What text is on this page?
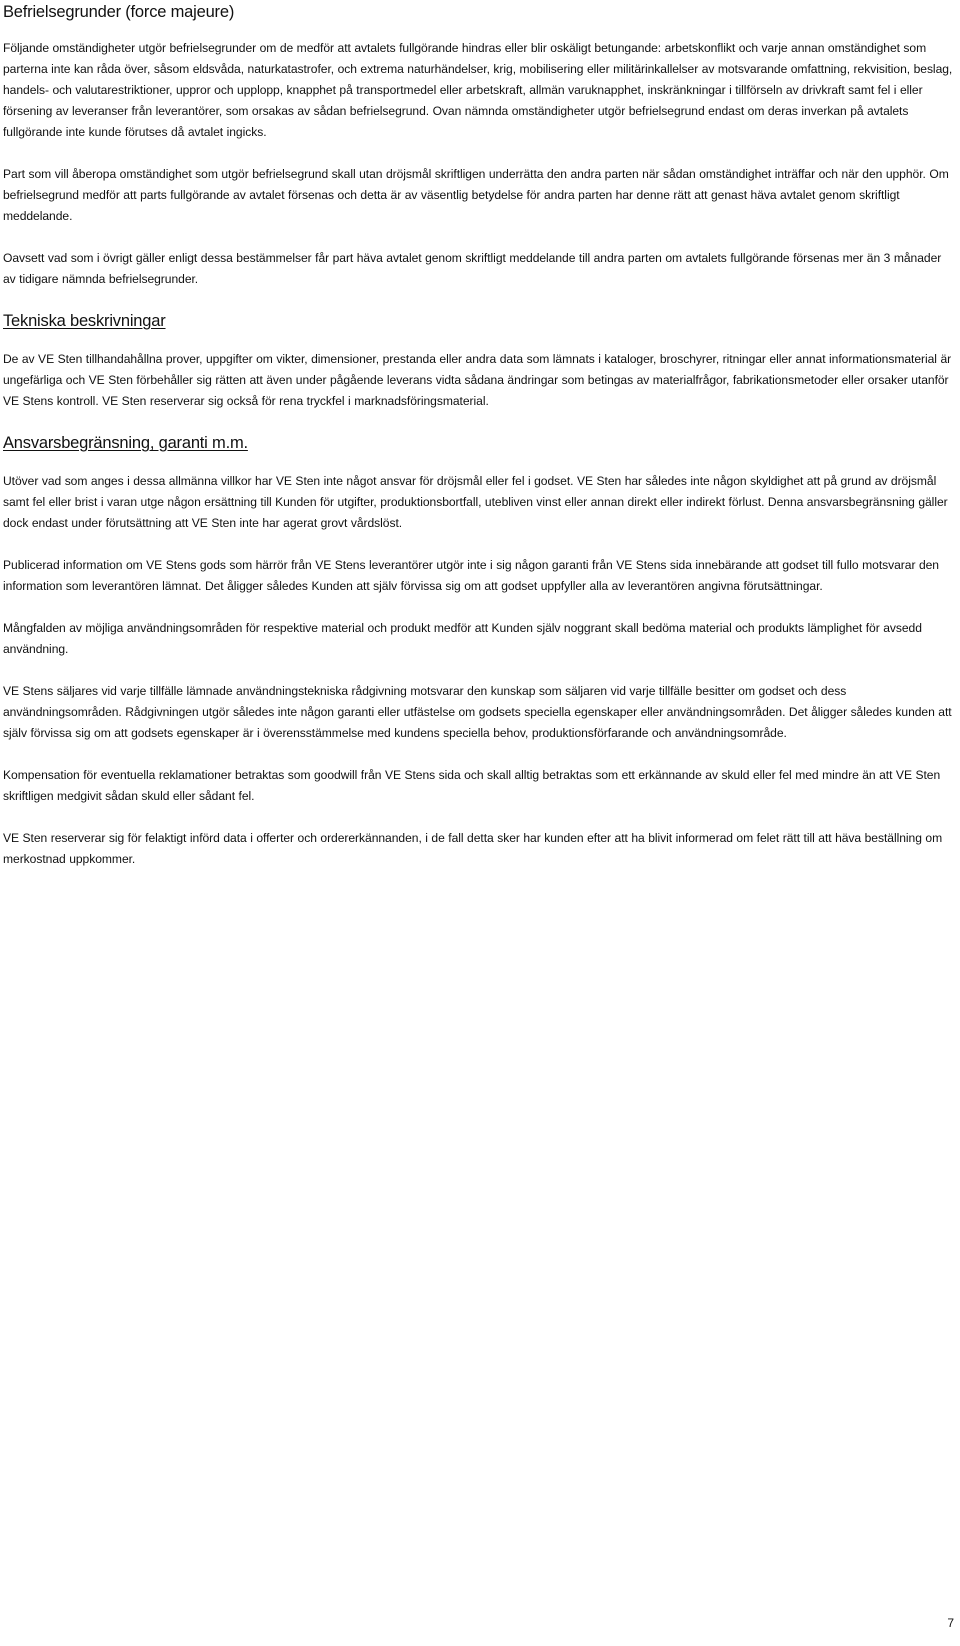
Befrielsegrunder (force majeure)

Följande omständigheter utgör befrielsegrunder om de medför att avtalets fullgörande hindras eller blir oskäligt betungande: arbetskonflikt och varje annan omständighet som parterna inte kan råda över, såsom eldsvåda, naturkatastrofer, och extrema naturhändelser, krig, mobilisering eller militärinkallelser av motsvarande omfattning, rekvisition, beslag, handels- och valutarestriktioner, uppror och upplopp, knapphet på transportmedel eller arbetskraft, allmän varuknapphet, inskränkningar i tillförseln av drivkraft samt fel i eller försening av leveranser från leverantörer, som orsakas av sådan befrielsegrund. Ovan nämnda omständigheter utgör befrielsegrund endast om deras inverkan på avtalets fullgörande inte kunde förutses då avtalet ingicks.

Part som vill åberopa omständighet som utgör befrielsegrund skall utan dröjsmål skriftligen underrätta den andra parten när sådan omständighet inträffar och när den upphör. Om befrielsegrund medför att parts fullgörande av avtalet försenas och detta är av väsentlig betydelse för andra parten har denne rätt att genast häva avtalet genom skriftligt meddelande.

Oavsett vad som i övrigt gäller enligt dessa bestämmelser får part häva avtalet genom skriftligt meddelande till andra parten om avtalets fullgörande försenas mer än 3 månader av tidigare nämnda befrielsegrunder.

Tekniska beskrivningar

De av VE Sten tillhandahållna prover, uppgifter om vikter, dimensioner, prestanda eller andra data som lämnats i kataloger, broschyrer, ritningar eller annat informationsmaterial är ungefärliga och VE Sten förbehåller sig rätten att även under pågående leverans vidta sådana ändringar som betingas av materialfrågor, fabrikationsmetoder eller orsaker utanför VE Stens kontroll. VE Sten reserverar sig också för rena tryckfel i marknadsföringsmaterial.

Ansvarsbegränsning, garanti m.m.

Utöver vad som anges i dessa allmänna villkor har VE Sten inte något ansvar för dröjsmål eller fel i godset. VE Sten har således inte någon skyldighet att på grund av dröjsmål samt fel eller brist i varan utge någon ersättning till Kunden för utgifter, produktionsbortfall, utebliven vinst eller annan direkt eller indirekt förlust. Denna ansvarsbegränsning gäller dock endast under förutsättning att VE Sten inte har agerat grovt vårdslöst.

Publicerad information om VE Stens gods som härrör från VE Stens leverantörer utgör inte i sig någon garanti från VE Stens sida innebärande att godset till fullo motsvarar den information som leverantören lämnat. Det åligger således Kunden att själv förvissa sig om att godset uppfyller alla av leverantören angivna förutsättningar.

Mångfalden av möjliga användningsområden för respektive material och produkt medför att Kunden själv noggrant skall bedöma material och produkts lämplighet för avsedd användning.

VE Stens säljares vid varje tillfälle lämnade användningstekniska rådgivning motsvarar den kunskap som säljaren vid varje tillfälle besitter om godset och dess användningsområden. Rådgivningen utgör således inte någon garanti eller utfästelse om godsets speciella egenskaper eller användningsområden. Det åligger således kunden att själv förvissa sig om att godsets egenskaper är i överensstämmelse med kundens speciella behov, produktionsförfarande och användningsområde.

Kompensation för eventuella reklamationer betraktas som goodwill från VE Stens sida och skall alltig betraktas som ett erkännande av skuld eller fel med mindre än att VE Sten skriftligen medgivit sådan skuld eller sådant fel.

VE Sten reserverar sig för felaktigt införd data i offerter och ordererkännanden, i de fall detta sker har kunden efter att ha blivit informerad om felet rätt till att häva beställning om merkostnad uppkommer.

7
